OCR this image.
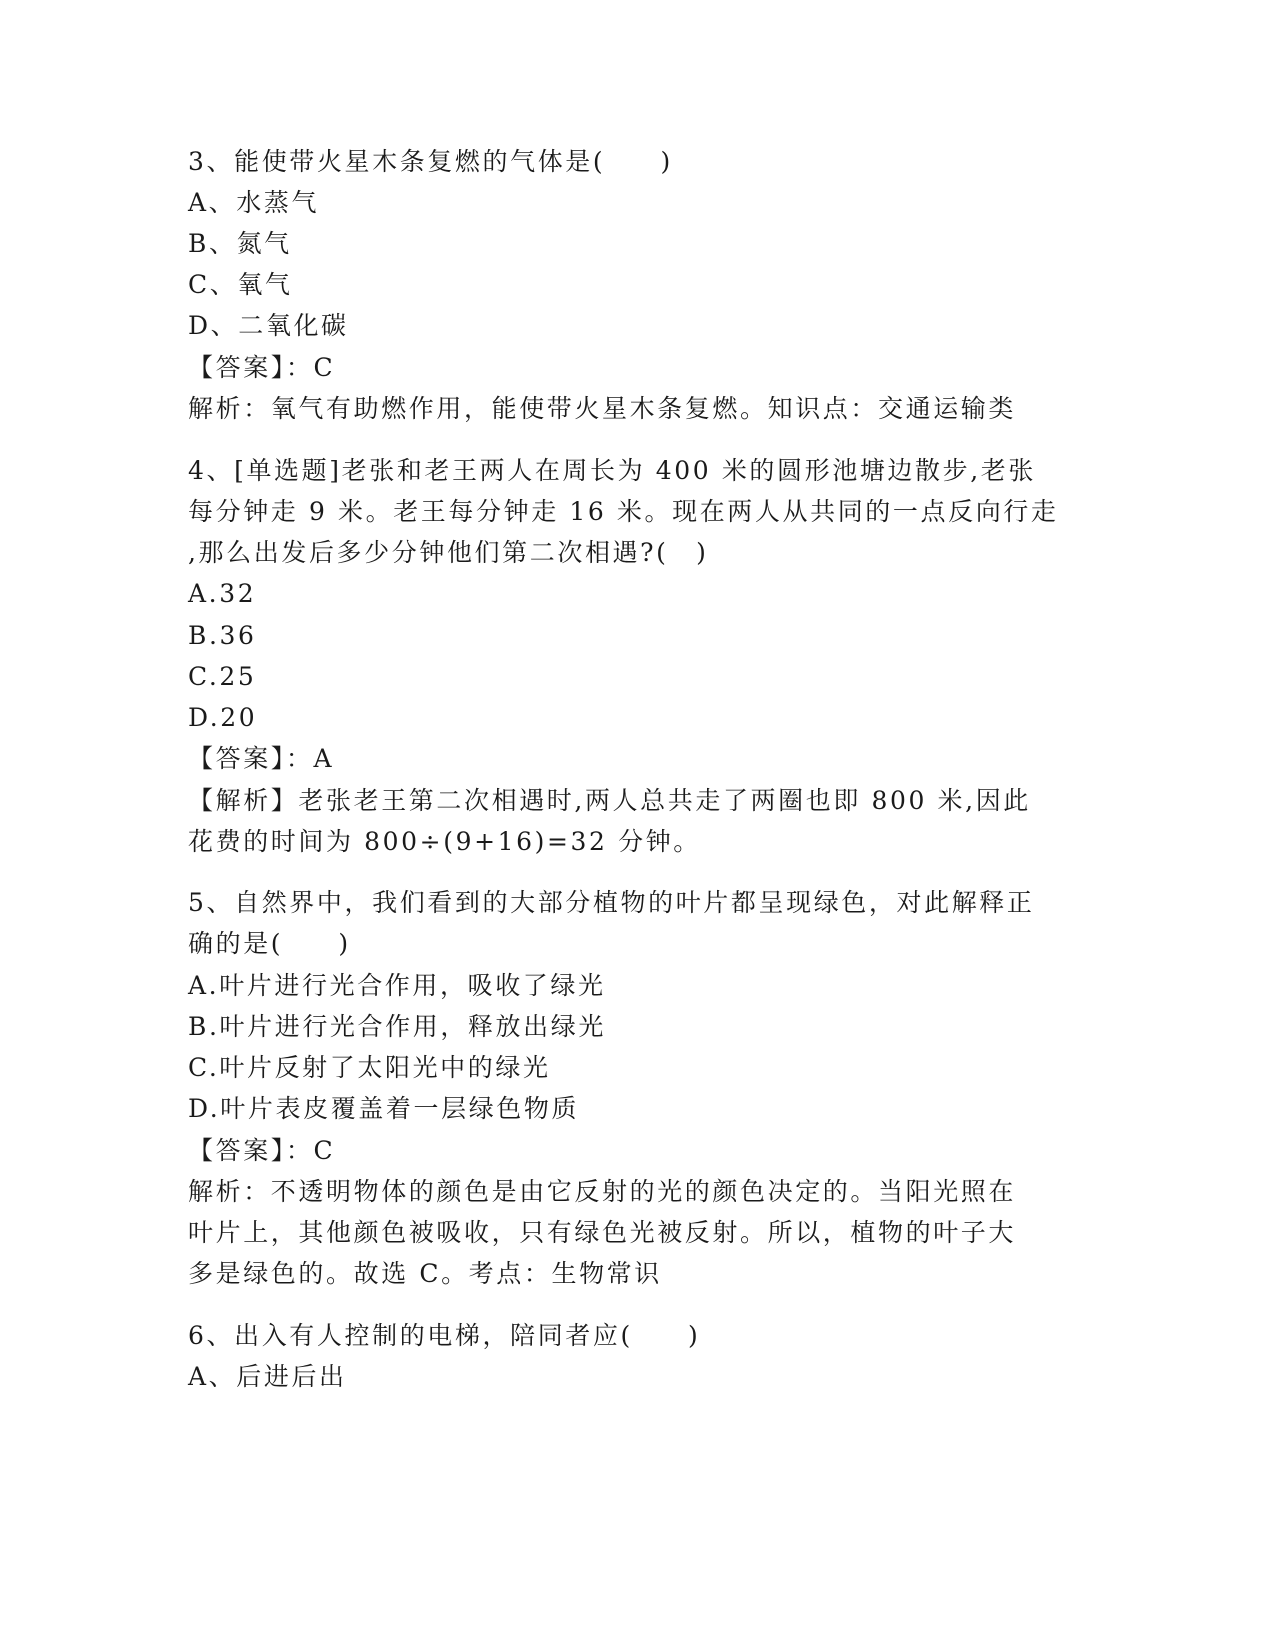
3、能使带火星木条复燃的气体是(　　)
A、水蒸气
B、氮气
C、氧气
D、二氧化碳
【答案】：C
解析：氧气有助燃作用，能使带火星木条复燃。知识点：交通运输类
4、[单选题]老张和老王两人在周长为 400 米的圆形池塘边散步,老张
每分钟走 9 米。老王每分钟走 16 米。现在两人从共同的一点反向行走
,那么出发后多少分钟他们第二次相遇?(　)
A.32
B.36
C.25
D.20
【答案】：A
【解析】老张老王第二次相遇时,两人总共走了两圈也即 800 米,因此
花费的时间为 800÷(9+16)=32 分钟。
5、自然界中，我们看到的大部分植物的叶片都呈现绿色，对此解释正
确的是(　　)
A.叶片进行光合作用，吸收了绿光
B.叶片进行光合作用，释放出绿光
C.叶片反射了太阳光中的绿光
D.叶片表皮覆盖着一层绿色物质
【答案】：C
解析：不透明物体的颜色是由它反射的光的颜色决定的。当阳光照在
叶片上，其他颜色被吸收，只有绿色光被反射。所以，植物的叶子大
多是绿色的。故选 C。考点：生物常识
6、出入有人控制的电梯，陪同者应(　　)
A、后进后出
